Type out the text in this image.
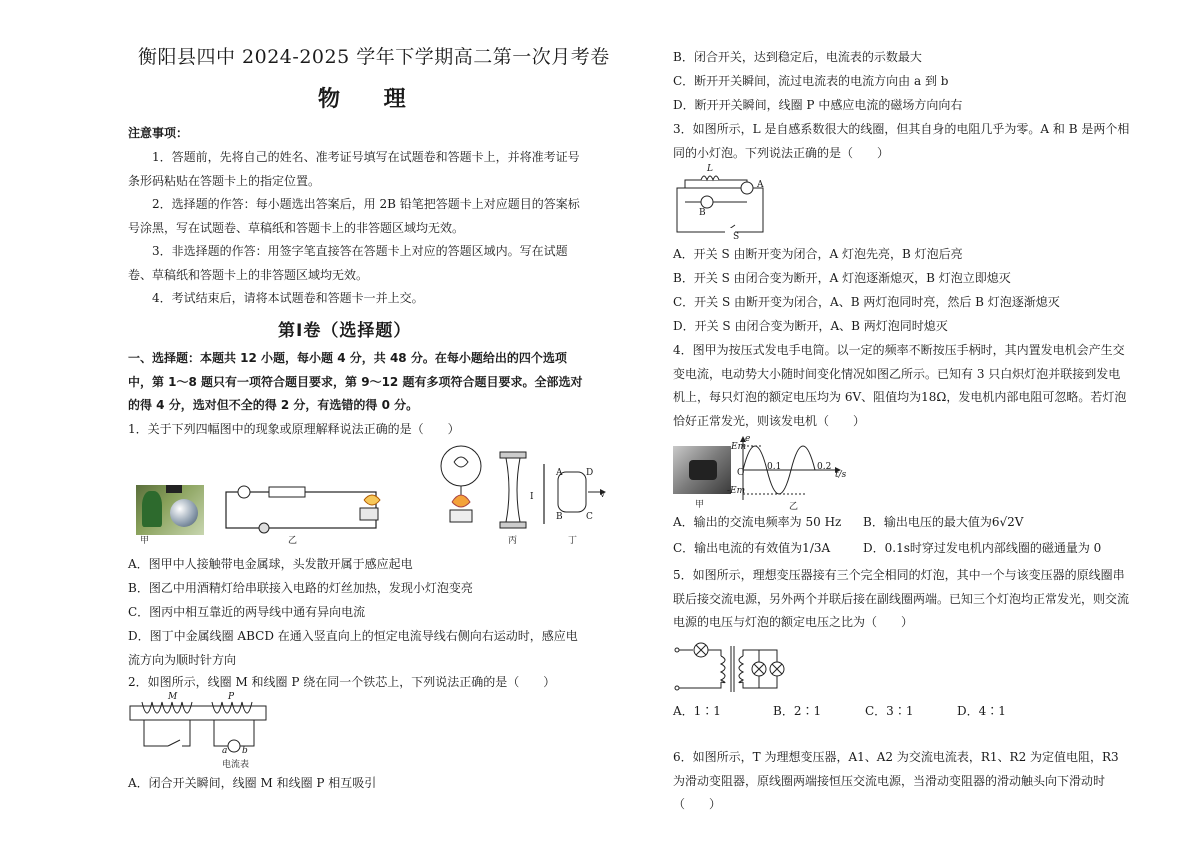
衡阳县四中 2024-2025 学年下学期高二第一次月考卷
物 理
注意事项：
1．答题前，先将自己的姓名、准考证号填写在试题卷和答题卡上，并将准考证号条形码粘贴在答题卡上的指定位置。
2．选择题的作答：每小题选出答案后，用 2B 铅笔把答题卡上对应题目的答案标号涂黑，写在试题卷、草稿纸和答题卡上的非答题区域均无效。
3．非选择题的作答：用签字笔直接答在答题卡上对应的答题区域内。写在试题卷、草稿纸和答题卡上的非答题区域均无效。
4．考试结束后，请将本试题卷和答题卡一并上交。
第Ⅰ卷（选择题）
一、选择题：本题共 12 小题，每小题 4 分，共 48 分。在每小题给出的四个选项中，第 1～8 题只有一项符合题目要求，第 9～12 题有多项符合题目要求。全部选对的得 4 分，选对但不全的得 2 分，有选错的得 0 分。
1．关于下列四幅图中的现象或原理解释说法正确的是（　　）
甲	乙	丙	丁
A	D
I
B	C
v
A．图甲中人接触带电金属球，头发散开属于感应起电
B．图乙中用酒精灯给串联接入电路的灯丝加热，发现小灯泡变亮
C．图丙中相互靠近的两导线中通有异向电流
D．图丁中金属线圈 ABCD 在通入竖直向上的恒定电流导线右侧向右运动时，感应电流方向为顺时针方向
2．如图所示，线圈 M 和线圈 P 绕在同一个铁芯上，下列说法正确的是（　　）
M	P
a b
电流表
A．闭合开关瞬间，线圈 M 和线圈 P 相互吸引
B．闭合开关，达到稳定后，电流表的示数最大
C．断开开关瞬间，流过电流表的电流方向由 a 到 b
D．断开开关瞬间，线圈 P 中感应电流的磁场方向向右
3．如图所示，L 是自感系数很大的线圈，但其自身的电阻几乎为零。A 和 B 是两个相同的小灯泡。下列说法正确的是（　　）
L
A
B
S
A．开关 S 由断开变为闭合，A 灯泡先亮，B 灯泡后亮
B．开关 S 由闭合变为断开，A 灯泡逐渐熄灭，B 灯泡立即熄灭
C．开关 S 由断开变为闭合，A、B 两灯泡同时亮，然后 B 灯泡逐渐熄灭
D．开关 S 由闭合变为断开，A、B 两灯泡同时熄灭
4．图甲为按压式发电手电筒。以一定的频率不断按压手柄时，其内置发电机会产生交变电流，电动势大小随时间变化情况如图乙所示。已知有 3 只白炽灯泡并联接到发电机上，每只灯泡的额定电压均为 6V、阻值均为18Ω，发电机内部电阻可忽略。若灯泡恰好正常发光，则该发电机（　　）
e
Em
0.1	0.2
t/s
-Em
O
甲	乙
A．输出的交流电频率为 50 Hz B．输出电压的最大值为6√2V
C．输出电流的有效值为1/3A	D．0.1s时穿过发电机内部线圈的磁通量为 0
5．如图所示，理想变压器接有三个完全相同的灯泡，其中一个与该变压器的原线圈串联后接交流电源，另外两个并联后接在副线圈两端。已知三个灯泡均正常发光，则交流电源的电压与灯泡的额定电压之比为（　　）
A．1∶1	B．2∶1	C．3∶1	D．4∶1
6．如图所示，T 为理想变压器，A1、A2 为交流电流表，R1、R2 为定值电阻，R3 为滑动变阻器，原线圈两端接恒压交流电源，当滑动变阻器的滑动触头向下滑动时（　　）
